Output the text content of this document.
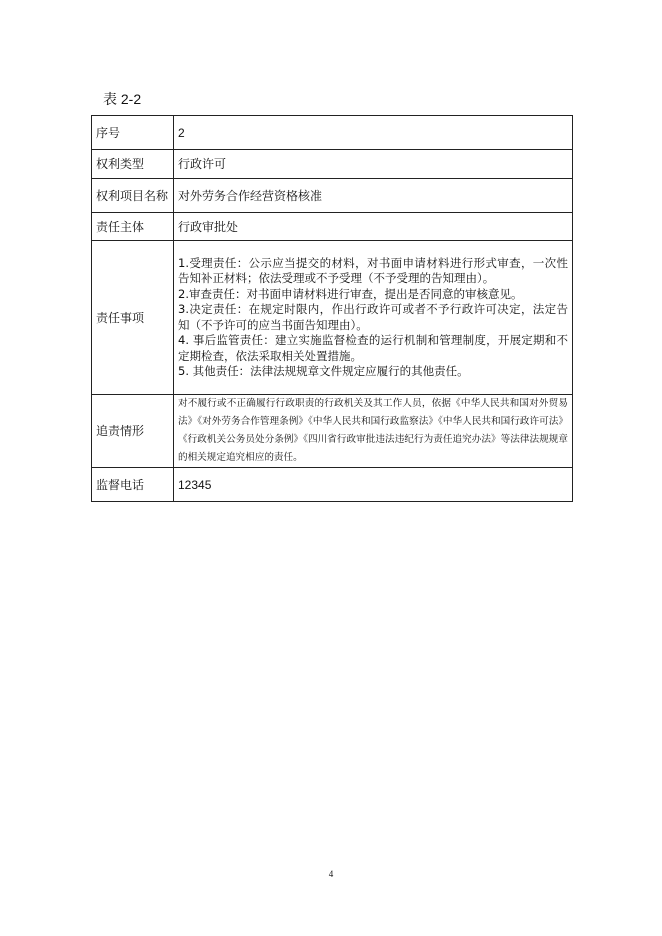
表 2-2
序号	2
权利类型	行政许可
权利项目名称	对外劳务合作经营资格核准
责任主体	行政审批处
责任事项	1.受理责任：公示应当提交的材料，对书面申请材料进行形式审查，一次性告知补正材料；依法受理或不予受理（不予受理的告知理由）。
2.审查责任：对书面申请材料进行审查，提出是否同意的审核意见。
3.决定责任：在规定时限内，作出行政许可或者不予行政许可决定，法定告知（不予许可的应当书面告知理由）。
4. 事后监管责任：建立实施监督检查的运行机制和管理制度，开展定期和不定期检查，依法采取相关处置措施。
5. 其他责任：法律法规规章文件规定应履行的其他责任。

追责情形	对不履行或不正确履行行政职责的行政机关及其工作人员，依据《中华人民共和国对外贸易法》《对外劳务合作管理条例》《中华人民共和国行政监察法》《中华人民共和国行政许可法》《行政机关公务员处分条例》《四川省行政审批违法违纪行为责任追究办法》等法律法规规章的相关规定追究相应的责任。

监督电话	12345
4
